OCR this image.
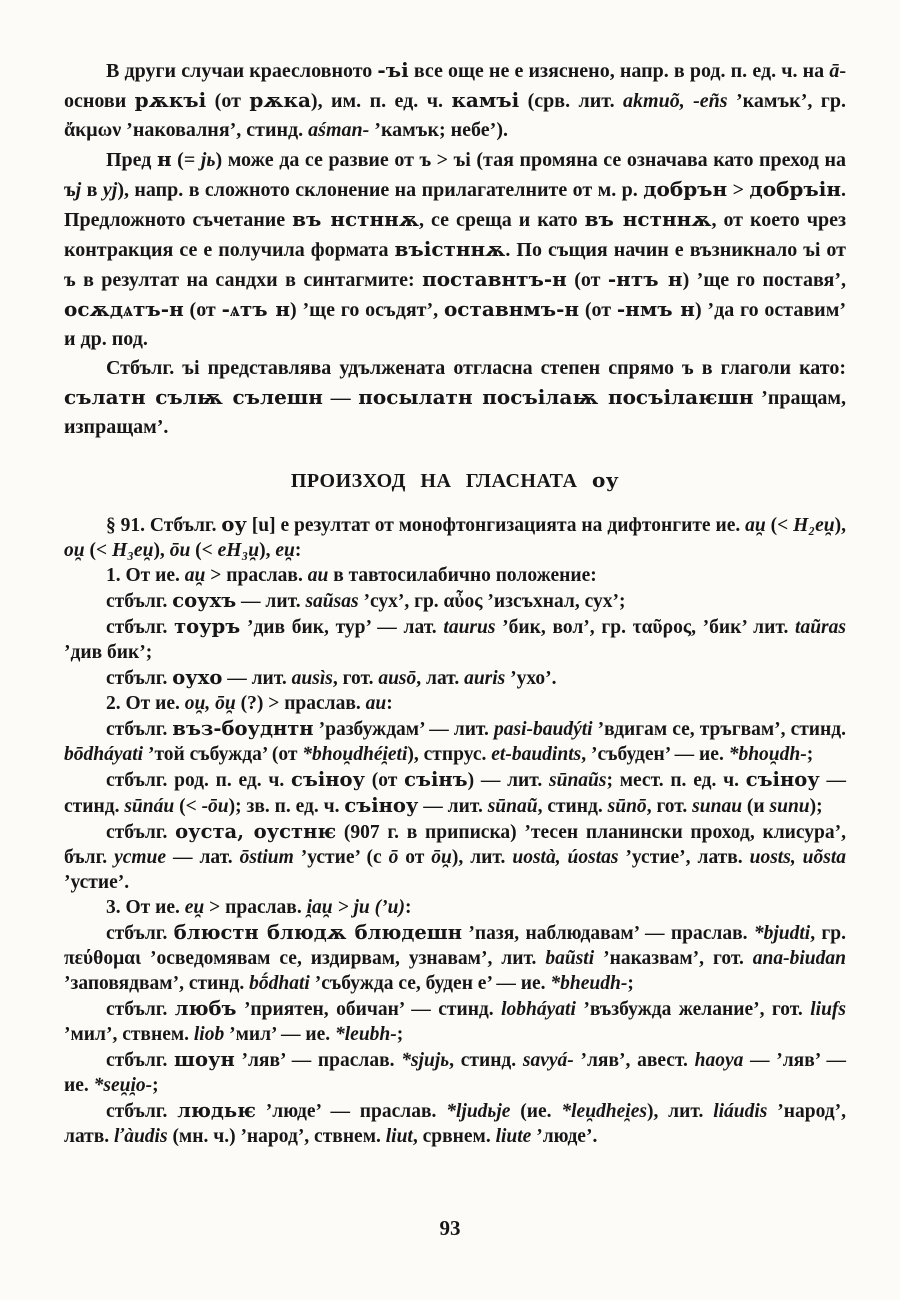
В други случаи краесловното -ъі все още не е изяснено, напр. в род. п. ед. ч. на ā-основи рѫкъі (от рѫка), им. п. ед. ч. камъі (срв. лит. akmuõ, -eñs ’камък’, гр. ἄκμων ’наковалня’, стинд. aśman- ’камък; небе’).

Пред н (= jь) може да се развие от ъ > ъі (тая промяна се означава като преход на ъj в yj), напр. в сложното склонение на прилагателните от м. р. добрън > добръін. Предложното съчетание въ нстннѫ, се среща и като въ нстннѫ, от което чрез контракция се е получила формата въістннѫ. По същия начин е възникнало ъі от ъ в резултат на сандхи в синтагмите: поставнтъ-н (от -нтъ н) ’ще го поставя’, осѫдѧтъ-н (от -ѧтъ н) ’ще го осъдят’, оставнмъ-н (от -нмъ н) ’да го оставим’ и др. под.

Стбълг. ъі представлява удължената отгласна степен спрямо ъ в глаголи като: сълатн сълѭ сълешн — посылатн посъілаѭ посъілаѥшн ’пращам, изпращам’.

ПРОИЗХОД НА ГЛАСНАТА оу

§ 91. Стбълг. оу [u] е резултат от монофтонгизацията на дифтонгите ие. au̯ (< H₂eu̯), ou̯ (< H₃eu̯), ōu (< eH₃u̯), eu̯:

1. От ие. au̯ > праслав. au в тавтосилабично положение:

стбълг. соухъ — лит. saũsas ’сух’, гр. αὖος ’изсъхнал, сух’;

стбълг. тоуръ ’див бик, тур’ — лат. taurus ’бик, вол’, гр. ταῦρος, ’бик’ лит. taũras ’див бик’;

стбълг. оухо — лит. ausìs, гот. ausō, лат. auris ’ухо’.

2. От ие. ou̯, ōu̯ (?) > праслав. au:

стбълг. въз-боуднтн ’разбуждам’ — лит. pasi-baudýti ’вдигам се, тръгвам’, стинд. bōdháyati ’той събужда’ (от *bhou̯dhéi̯eti), стпрус. et-baudints, ’събуден’ — ие. *bhou̯dh-;

стбълг. род. п. ед. ч. съіноу (от съінъ) — лит. sūnaũs; мест. п. ед. ч. съіноу — стинд. sūnáu (< -ōu); зв. п. ед. ч. съіноу — лит. sūnaũ, стинд. sūnō, гот. sunau (и sunu);

стбълг. оуста, оустнѥ (907 г. в приписка) ’тесен планински проход, клисура’, бълг. устие — лат. ōstium ’устие’ (с ō от ōu̯), лит. uostà, úostas ’устие’, латв. uosts, uõsta ’устие’.

3. От ие. eu̯ > праслав. i̯au̯ > ju (’u):

стбълг. блюстн блюдѫ блюдешн ’пазя, наблюдавам’ — праслав. *bjudti, гр. πεύθομαι ’осведомявам се, издирвам, узнавам’, лит. baũsti ’наказвам’, гот. ana-biudan ’заповядвам’, стинд. bṓdhati ’събужда се, буден е’ — ие. *bheudh-;

стбълг. любъ ’приятен, обичан’ — стинд. lobháyati ’възбужда желание’, гот. liufs ’мил’, ствнем. liob ’мил’ — ие. *leubh-;

стбълг. шоун ’ляв’ — праслав. *sjujь, стинд. savyá- ’ляв’, авест. haoya — ’ляв’ — ие. *seu̯i̯o-;

стбълг. людьѥ ’люде’ — праслав. *ljudьje (ие. *leu̯dhei̯es), лит. liáudis ’народ’, латв. ľàudis (мн. ч.) ’народ’, ствнем. liut, срвнем. liute ’люде’.

93
